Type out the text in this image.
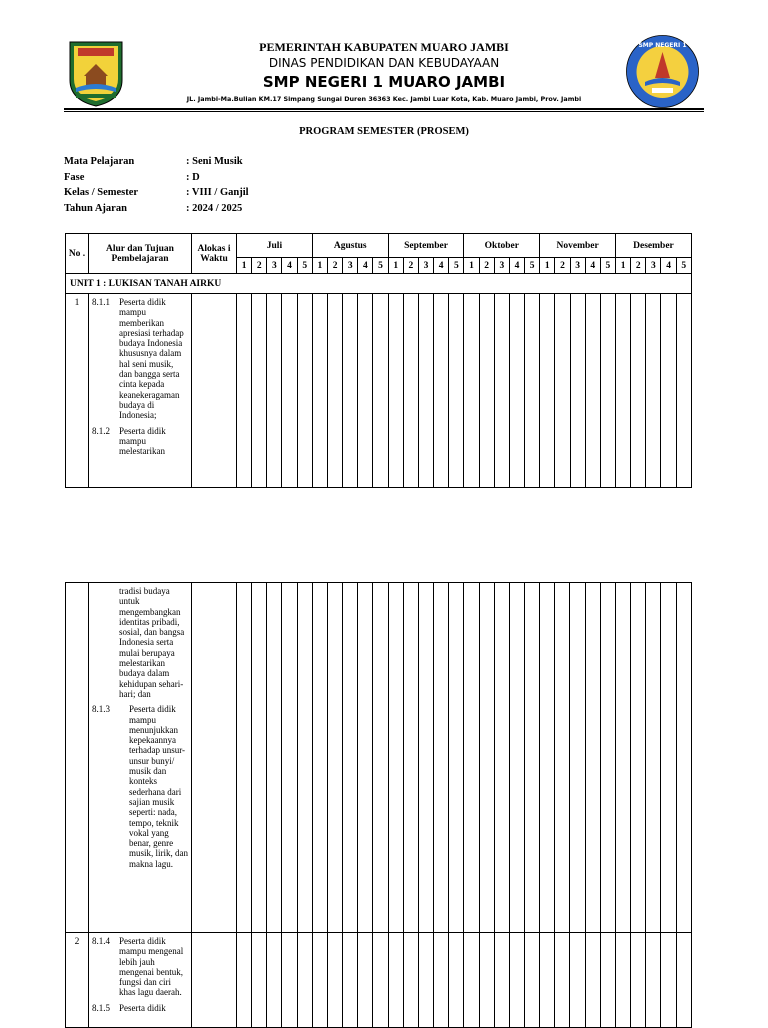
PEMERINTAH KABUPATEN MUARO JAMBI
DINAS PENDIDIKAN DAN KEBUDAYAAN
SMP NEGERI 1 MUARO JAMBI
JL. Jambi-Ma.Bulian KM.17 Simpang Sungai Duren 36363 Kec. Jambi Luar Kota, Kab. Muaro Jambi, Prov. Jambi
SMP NEGERI 1
PROGRAM SEMESTER (PROSEM)
Mata Pelajaran	: Seni Musik
Fase	: D
Kelas / Semester	: VIII / Ganjil
Tahun Ajaran	: 2024 / 2025
No .	Alur dan Tujuan Pembelajaran	Alokas i Waktu	Juli					Agustus					September					Oktober					November					Desember				
			1	2	3	4	5	1	2	3	4	5	1	2	3	4	5	1	2	3	4	5	1	2	3	4	5	1	2	3	4	5
UNIT 1 : LUKISAN TANAH AIRKU																																
1	8.1.1 Peserta didik mampu memberikan apresiasi terhadap budaya Indonesia khususnya dalam hal seni musik, dan bangga serta cinta kepada keanekeragaman budaya di Indonesia;
8.1.2 Peserta didik mampu melestarikan																															

	tradisi budaya untuk mengembangkan identitas pribadi, sosial, dan bangsa Indonesia serta mulai berupaya melestarikan budaya dalam kehidupan sehari-hari; dan
8.1.3 Peserta didik mampu menunjukkan kepekaannya terhadap unsur-unsur bunyi/ musik dan konteks sederhana dari sajian musik seperti: nada, tempo, teknik vokal yang benar, genre musik, lirik, dan makna lagu.																															

2	8.1.4 Peserta didik mampu mengenal lebih jauh mengenai bentuk, fungsi dan ciri khas lagu daerah.
8.1.5 Peserta didik																															
